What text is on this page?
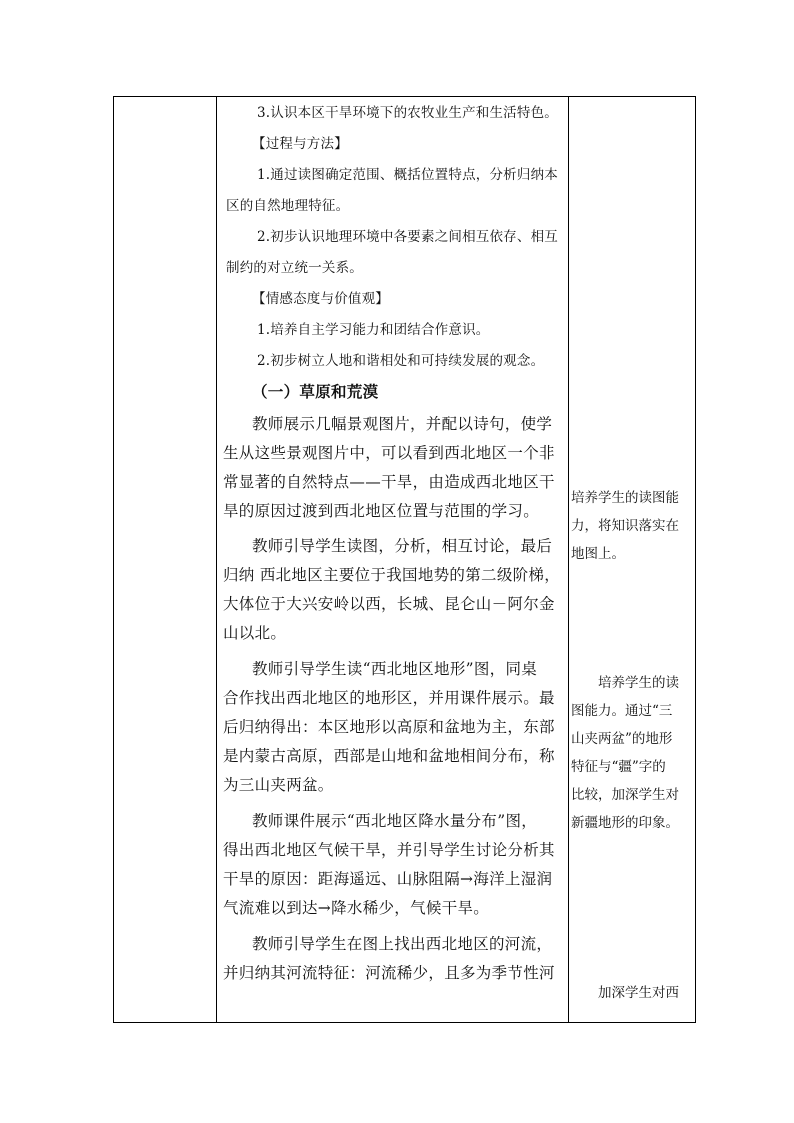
3.认识本区干旱环境下的农牧业生产和生活特色。
【过程与方法】
1.通过读图确定范围、概括位置特点，分析归纳本
区的自然地理特征。
2.初步认识地理环境中各要素之间相互依存、相互
制约的对立统一关系。
【情感态度与价值观】
1.培养自主学习能力和团结合作意识。
2.初步树立人地和谐相处和可持续发展的观念。
（一）草原和荒漠
教师展示几幅景观图片，并配以诗句，使学
生从这些景观图片中，可以看到西北地区一个非
常显著的自然特点——干旱，由造成西北地区干
旱的原因过渡到西北地区位置与范围的学习。
教师引导学生读图，分析，相互讨论，最后
归纳 西北地区主要位于我国地势的第二级阶梯，
大体位于大兴安岭以西，长城、昆仑山－阿尔金
山以北。
教师引导学生读“西北地区地形”图，同桌
合作找出西北地区的地形区，并用课件展示。最
后归纳得出：本区地形以高原和盆地为主，东部
是内蒙古高原，西部是山地和盆地相间分布，称
为三山夹两盆。
教师课件展示“西北地区降水量分布”图，
得出西北地区气候干旱，并引导学生讨论分析其
干旱的原因：距海遥远、山脉阻隔→海洋上湿润
气流难以到达→降水稀少，气候干旱。
教师引导学生在图上找出西北地区的河流，
并归纳其河流特征：河流稀少，且多为季节性河
培养学生的读图能
力，将知识落实在
地图上。
培养学生的读
图能力。通过“三
山夹两盆”的地形
特征与“疆”字的
比较，加深学生对
新疆地形的印象。
加深学生对西
